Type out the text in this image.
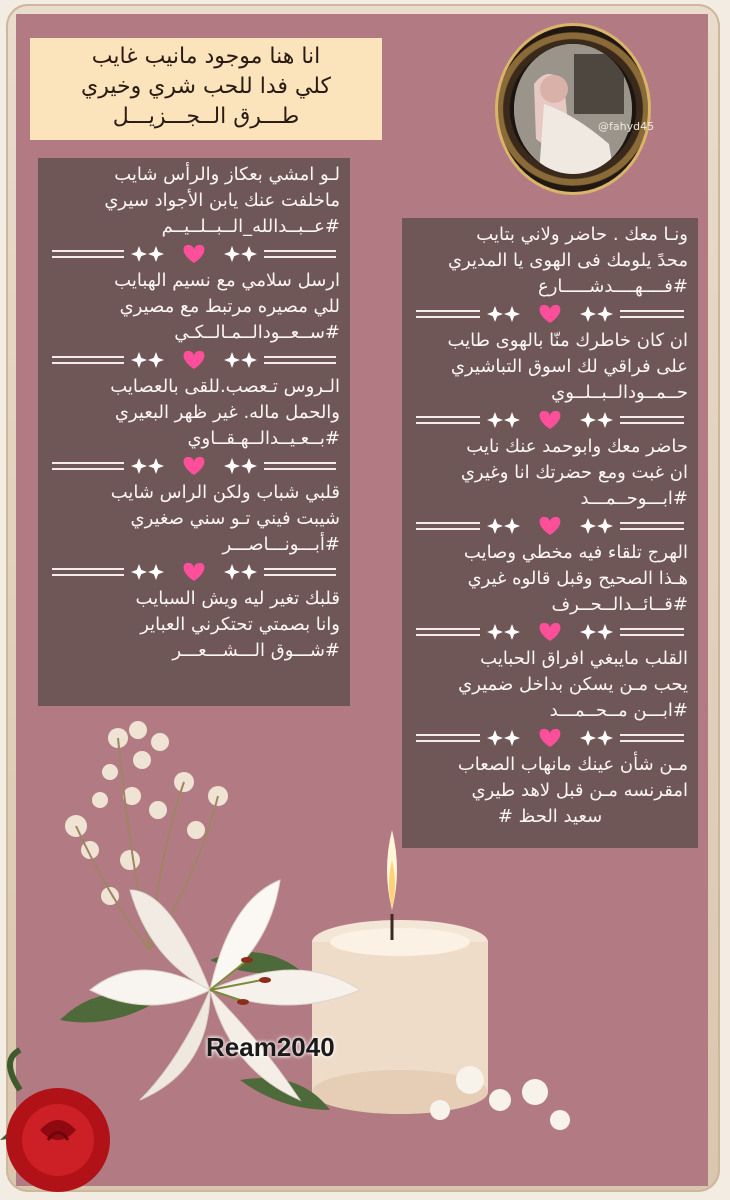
انا هنا موجود مانيب غايب
كلي فدا للحب شري وخيري
طـــرق الــجـــزيـــل	@fahyd45
لـو امشي بعكاز والرأس شايب
ماخلفت عنك يابن الأجواد سيري
#عــبــدالله_الــبــلــيــم
ارسل سلامي مع نسيم الهبايب
للي مصيره مرتبط مع مصيري
#ســعــودالــمـالــكـي
الـروس تـعصب.للقى بالعصايب
والحمل ماله. غير ظهر البعيري
#بــعـيــدالــهـقــاوي
قلبي شباب ولكن الراس شايب
شيبت فيني تـو سني صغيري
#أبـــونـــاصـــر
قلبك تغير ليه ويش السبايب
وانا بصمتي تحتكرني العباير
#شـــوق الـــشـــعـــر
ونـا معك . حاضر ولاني بتايب
محدً يلومك فى الهوى يا المديري
#فــــهــــدشـــــارع
ان كان خاطرك منّا بالهوى طايب
على فراقي لك اسوق التباشيري
حــمــودالــبــلــوي
حاضر معك وابوحمد عنك نايب
ان غبت ومع حضرتك انا وغيري
#ابـــوحــمـــد
الهرج تلقاء فيه مخطي وصايب
هـذا الصحيح وقبل قالوه غيري
#قــائــدالــحــرف
القلب مايبغي افراق الحبايب
يحب مـن يسكن بداخل ضميري
#ابـــن مــحــمـــد
مـن شأن عينك مانهاب الصعاب
امقرنسه مـن قبل لاهد طيري
سعيد الحظ #
Ream2040
